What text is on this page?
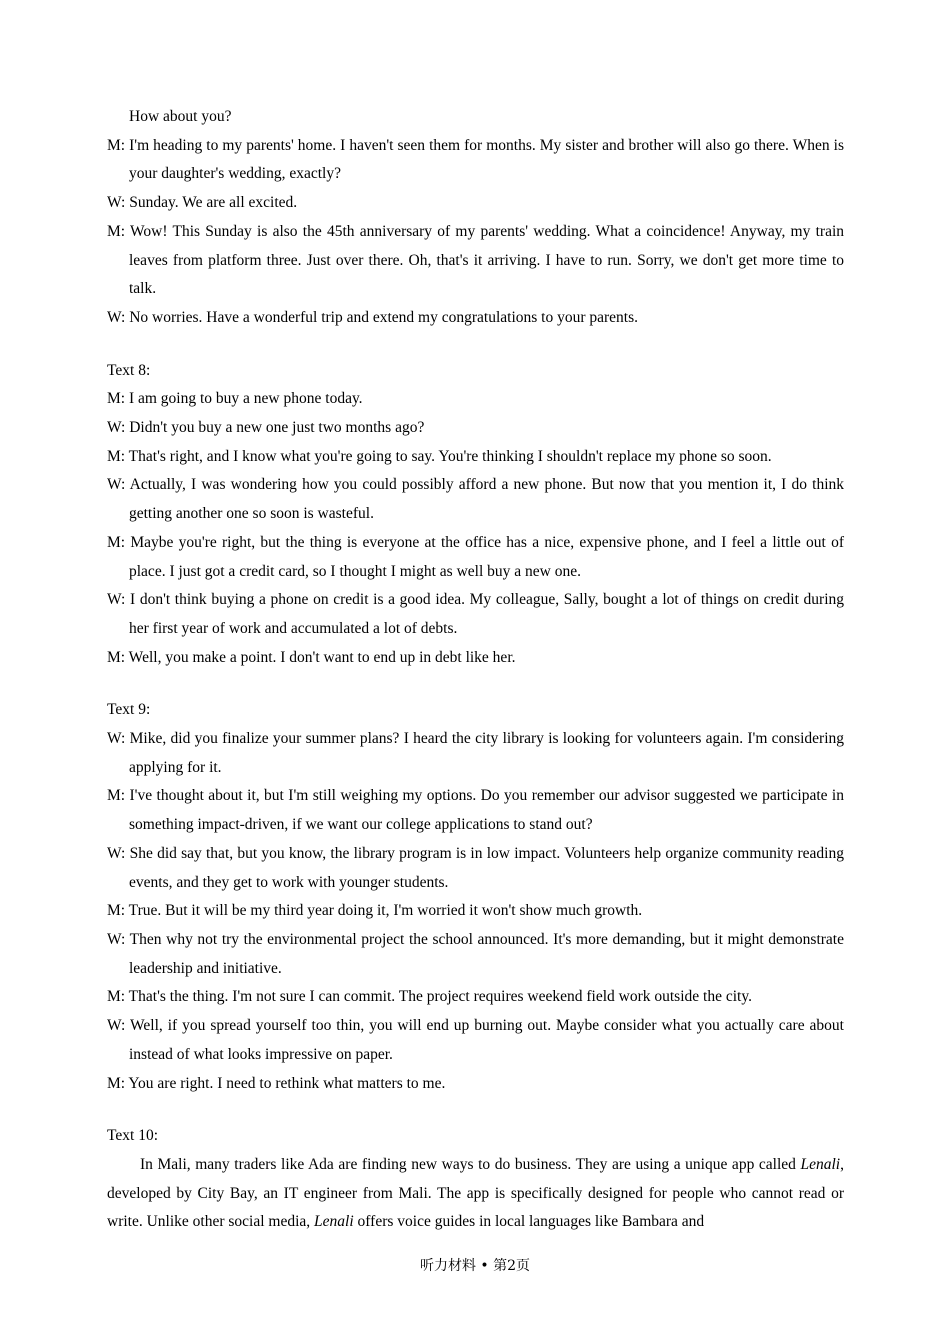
How about you?

M: I'm heading to my parents' home. I haven't seen them for months. My sister and brother will also go there. When is your daughter's wedding, exactly?

W: Sunday. We are all excited.

M: Wow! This Sunday is also the 45th anniversary of my parents' wedding. What a coincidence! Anyway, my train leaves from platform three. Just over there. Oh, that's it arriving. I have to run. Sorry, we don't get more time to talk.

W: No worries. Have a wonderful trip and extend my congratulations to your parents.

Text 8:

M: I am going to buy a new phone today.

W: Didn't you buy a new one just two months ago?

M: That's right, and I know what you're going to say. You're thinking I shouldn't replace my phone so soon.

W: Actually, I was wondering how you could possibly afford a new phone. But now that you mention it, I do think getting another one so soon is wasteful.

M: Maybe you're right, but the thing is everyone at the office has a nice, expensive phone, and I feel a little out of place. I just got a credit card, so I thought I might as well buy a new one.

W: I don't think buying a phone on credit is a good idea. My colleague, Sally, bought a lot of things on credit during her first year of work and accumulated a lot of debts.

M: Well, you make a point. I don't want to end up in debt like her.

Text 9:

W: Mike, did you finalize your summer plans? I heard the city library is looking for volunteers again. I'm considering applying for it.

M: I've thought about it, but I'm still weighing my options. Do you remember our advisor suggested we participate in something impact-driven, if we want our college applications to stand out?

W: She did say that, but you know, the library program is in low impact. Volunteers help organize community reading events, and they get to work with younger students.

M: True. But it will be my third year doing it, I'm worried it won't show much growth.

W: Then why not try the environmental project the school announced. It's more demanding, but it might demonstrate leadership and initiative.

M: That's the thing. I'm not sure I can commit. The project requires weekend field work outside the city.

W: Well, if you spread yourself too thin, you will end up burning out. Maybe consider what you actually care about instead of what looks impressive on paper.

M: You are right. I need to rethink what matters to me.

Text 10:

In Mali, many traders like Ada are finding new ways to do business. They are using a unique app called Lenali, developed by City Bay, an IT engineer from Mali. The app is specifically designed for people who cannot read or write. Unlike other social media, Lenali offers voice guides in local languages like Bambara and

听力材料 • 第2页
